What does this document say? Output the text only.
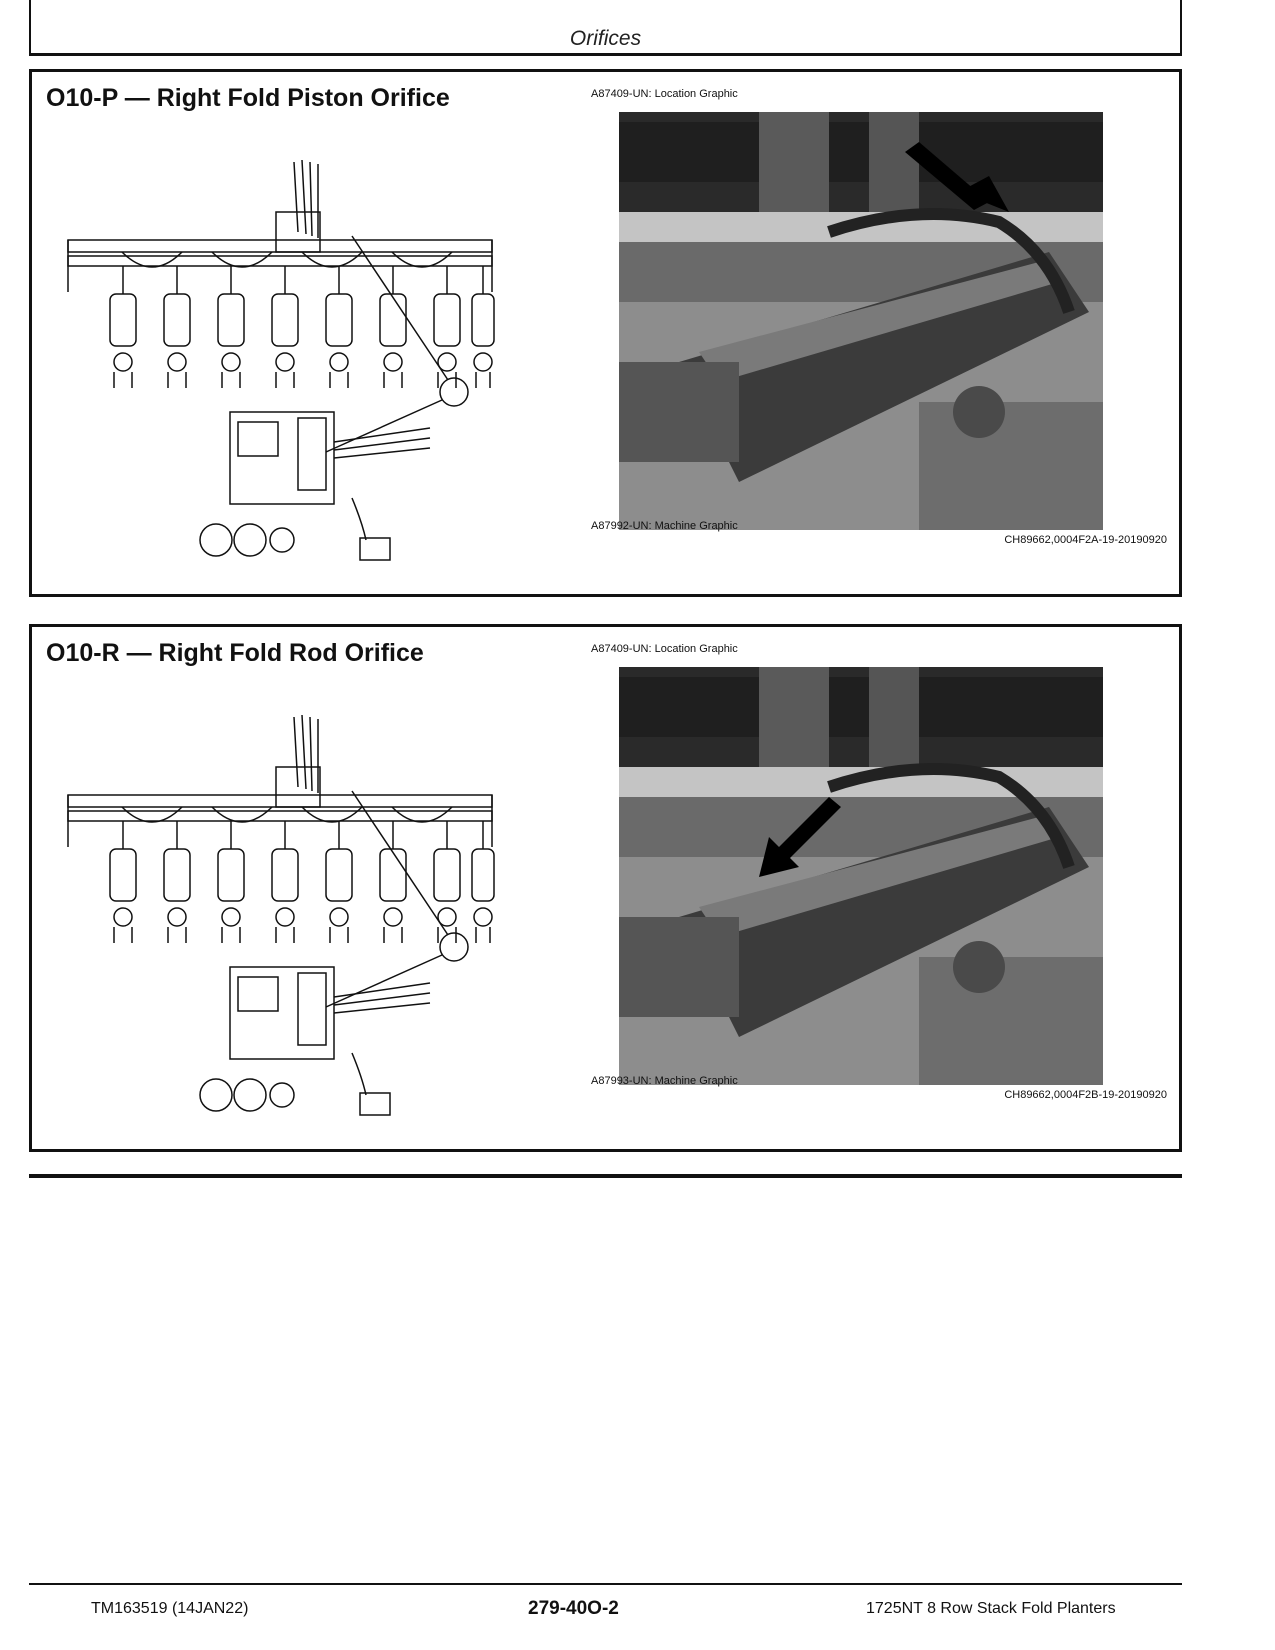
Orifices
O10-P — Right Fold Piston Orifice	A87409-UN: Location Graphic
A87992-UN: Machine Graphic
CH89662,0004F2A-19-20190920
O10-R — Right Fold Rod Orifice	A87409-UN: Location Graphic
A87993-UN: Machine Graphic
CH89662,0004F2B-19-20190920
TM163519 (14JAN22)	279-40O-2	1725NT 8 Row Stack Fold Planters
